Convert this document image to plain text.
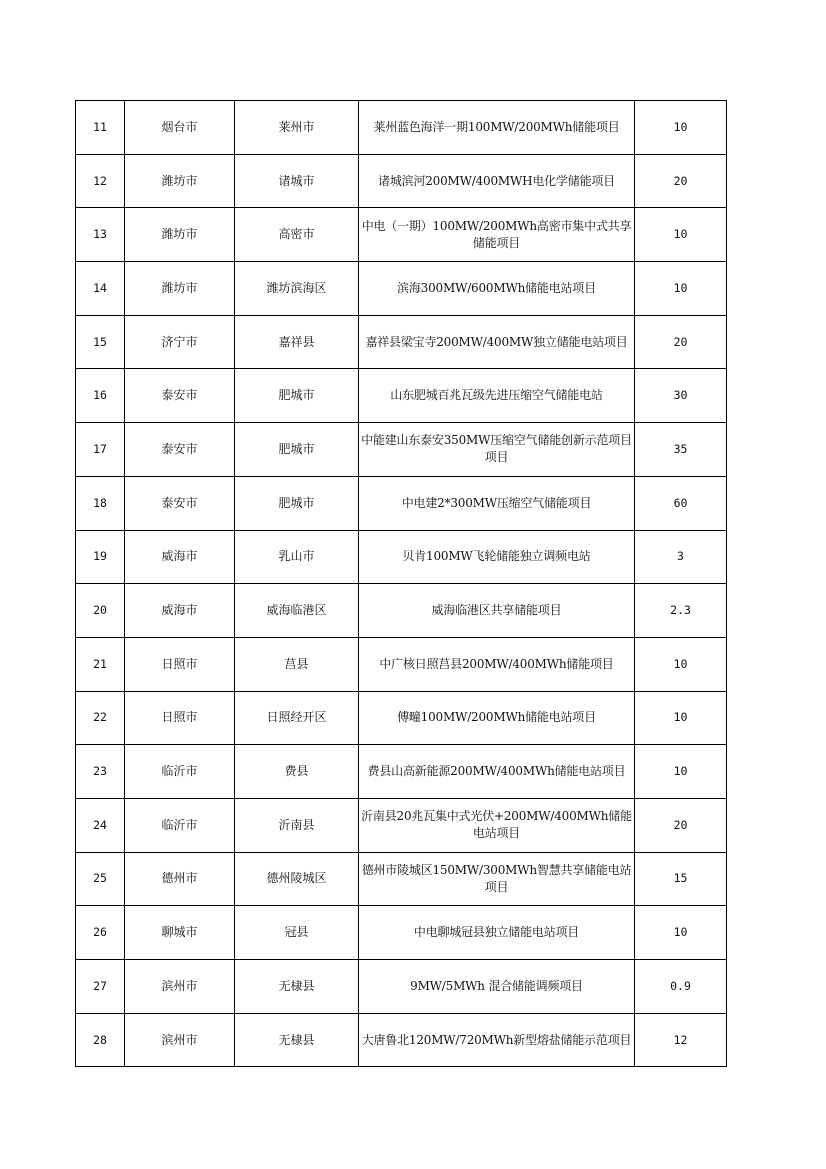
11	烟台市	莱州市	莱州蓝色海洋一期100MW/200MWh储能项目	10
12	潍坊市	诸城市	诸城滨河200MW/400MWH电化学储能项目	20
13	潍坊市	高密市	中电（一期）100MW/200MWh高密市集中式共享储能项目	10
14	潍坊市	潍坊滨海区	滨海300MW/600MWh储能电站项目	10
15	济宁市	嘉祥县	嘉祥县梁宝寺200MW/400MW独立储能电站项目	20
16	泰安市	肥城市	山东肥城百兆瓦级先进压缩空气储能电站	30
17	泰安市	肥城市	中能建山东泰安350MW压缩空气储能创新示范项目项目	35
18	泰安市	肥城市	中电建2*300MW压缩空气储能项目	60
19	威海市	乳山市	贝肯100MW飞轮储能独立调频电站	3
20	威海市	威海临港区	威海临港区共享储能项目	2.3
21	日照市	莒县	中广核日照莒县200MW/400MWh储能项目	10
22	日照市	日照经开区	傅疃100MW/200MWh储能电站项目	10
23	临沂市	费县	费县山高新能源200MW/400MWh储能电站项目	10
24	临沂市	沂南县	沂南县20兆瓦集中式光伏+200MW/400MWh储能电站项目	20
25	德州市	德州陵城区	德州市陵城区150MW/300MWh智慧共享储能电站项目	15
26	聊城市	冠县	中电聊城冠县独立储能电站项目	10
27	滨州市	无棣县	9MW/5MWh 混合储能调频项目	0.9
28	滨州市	无棣县	大唐鲁北120MW/720MWh新型熔盐储能示范项目	12
